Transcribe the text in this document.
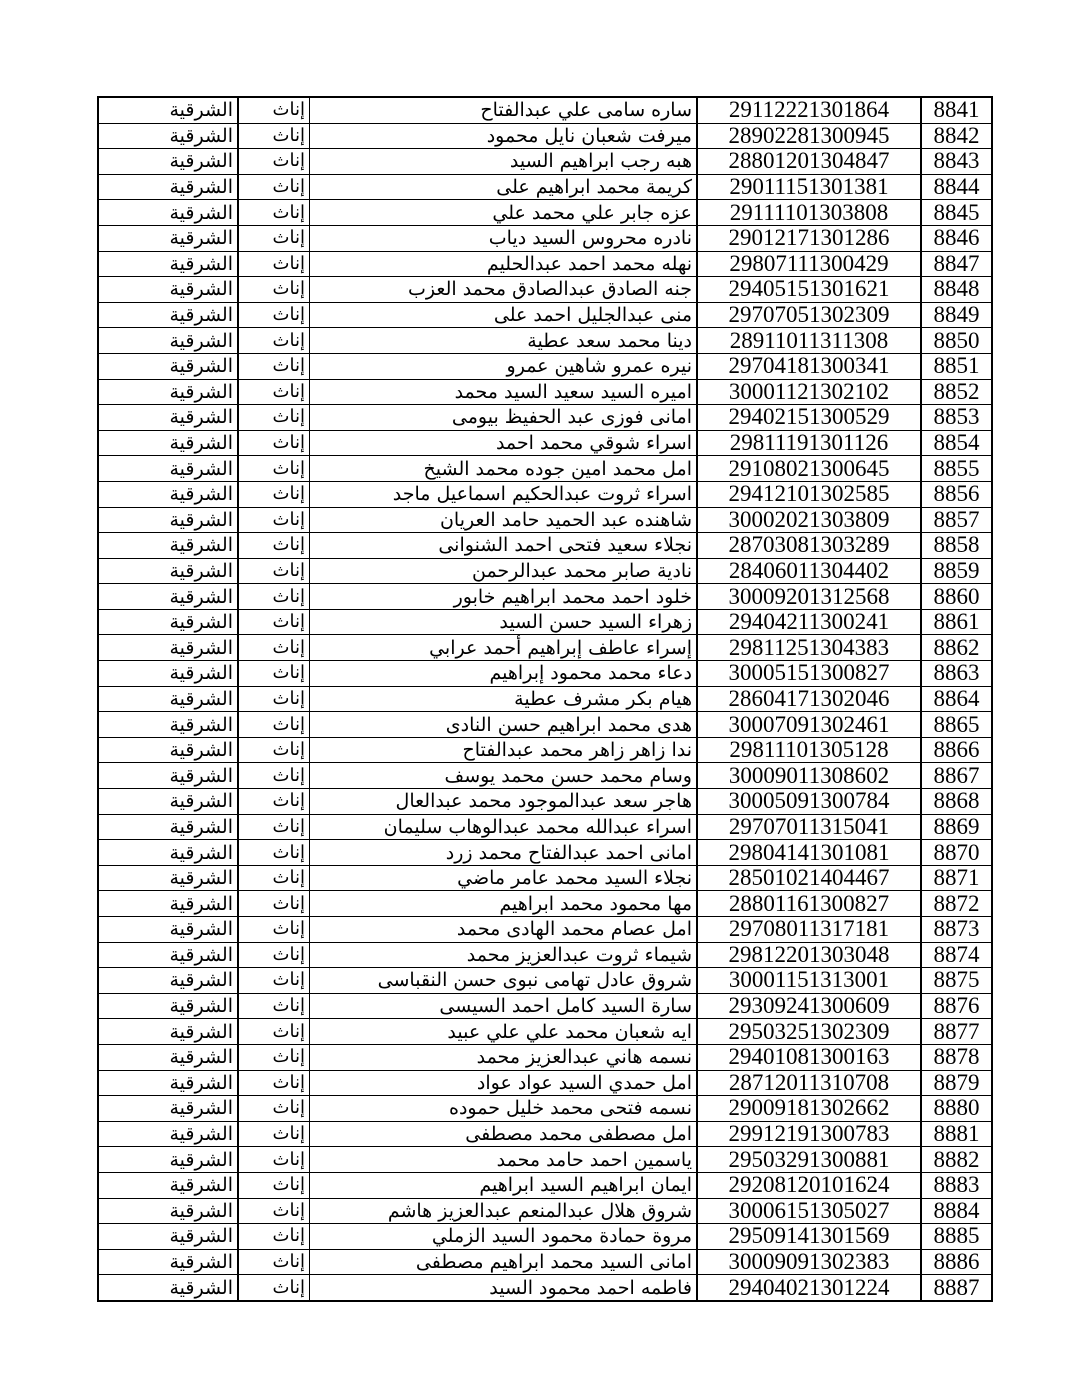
الشرقية	إناث	ساره سامى علي عبدالفتاح	29112221301864	8841
الشرقية	إناث	ميرفت شعبان نايل محمود	28902281300945	8842
الشرقية	إناث	هبه رجب ابراهيم السيد	28801201304847	8843
الشرقية	إناث	كريمة محمد ابراهيم على	29011151301381	8844
الشرقية	إناث	عزه جابر علي محمد علي	29111101303808	8845
الشرقية	إناث	نادره محروس السيد دياب	29012171301286	8846
الشرقية	إناث	نهله محمد احمد عبدالحليم	29807111300429	8847
الشرقية	إناث	جنه الصادق عبدالصادق محمد العزب	29405151301621	8848
الشرقية	إناث	منى عبدالجليل احمد على	29707051302309	8849
الشرقية	إناث	دينا محمد سعد عطية	28911011311308	8850
الشرقية	إناث	نيره عمرو شاهين عمرو	29704181300341	8851
الشرقية	إناث	اميره السيد سعيد السيد محمد	30001121302102	8852
الشرقية	إناث	امانى فوزى عبد الحفيظ بيومى	29402151300529	8853
الشرقية	إناث	اسراء شوقي محمد احمد	29811191301126	8854
الشرقية	إناث	امل محمد امين جوده محمد الشيخ	29108021300645	8855
الشرقية	إناث	اسراء ثروت عبدالحكيم اسماعيل ماجد	29412101302585	8856
الشرقية	إناث	شاهنده عبد الحميد حامد العريان	30002021303809	8857
الشرقية	إناث	نجلاء سعيد فتحى احمد الشنوانى	28703081303289	8858
الشرقية	إناث	نادية صابر محمد عبدالرحمن	28406011304402	8859
الشرقية	إناث	خلود احمد محمد ابراهيم خابور	30009201312568	8860
الشرقية	إناث	زهراء السيد حسن السيد	29404211300241	8861
الشرقية	إناث	إسراء عاطف إبراهيم أحمد عرابي	29811251304383	8862
الشرقية	إناث	دعاء محمد محمود إبراهيم	30005151300827	8863
الشرقية	إناث	هيام بكر مشرف عطية	28604171302046	8864
الشرقية	إناث	هدى محمد ابراهيم حسن النادى	30007091302461	8865
الشرقية	إناث	ندا زاهر زاهر محمد عبدالفتاح	29811101305128	8866
الشرقية	إناث	وسام محمد حسن محمد يوسف	30009011308602	8867
الشرقية	إناث	هاجر سعد عبدالموجود محمد عبدالعال	30005091300784	8868
الشرقية	إناث	اسراء عبدالله محمد عبدالوهاب سليمان	29707011315041	8869
الشرقية	إناث	امانى احمد عبدالفتاح محمد زرد	29804141301081	8870
الشرقية	إناث	نجلاء السيد محمد عامر ماضي	28501021404467	8871
الشرقية	إناث	مها محمود محمد ابراهيم	28801161300827	8872
الشرقية	إناث	امل عصام محمد الهادى محمد	29708011317181	8873
الشرقية	إناث	شيماء ثروت عبدالعزيز محمد	29812201303048	8874
الشرقية	إناث	شروق عادل تهامى نبوى حسن النقباسى	30001151313001	8875
الشرقية	إناث	سارة السيد كامل احمد السيسى	29309241300609	8876
الشرقية	إناث	ايه شعبان محمد علي علي عبيد	29503251302309	8877
الشرقية	إناث	نسمه هاني عبدالعزيز محمد	29401081300163	8878
الشرقية	إناث	امل حمدي السيد عواد عواد	28712011310708	8879
الشرقية	إناث	نسمه فتحى محمد خليل حموده	29009181302662	8880
الشرقية	إناث	امل مصطفى محمد مصطفى	29912191300783	8881
الشرقية	إناث	ياسمين احمد حامد محمد	29503291300881	8882
الشرقية	إناث	ايمان ابراهيم السيد ابراهيم	29208120101624	8883
الشرقية	إناث	شروق هلال عبدالمنعم عبدالعزيز هاشم	30006151305027	8884
الشرقية	إناث	مروة حمادة محمود السيد الزملي	29509141301569	8885
الشرقية	إناث	امانى السيد محمد ابراهيم مصطفى	30009091302383	8886
الشرقية	إناث	فاطمه احمد محمود السيد	29404021301224	8887
